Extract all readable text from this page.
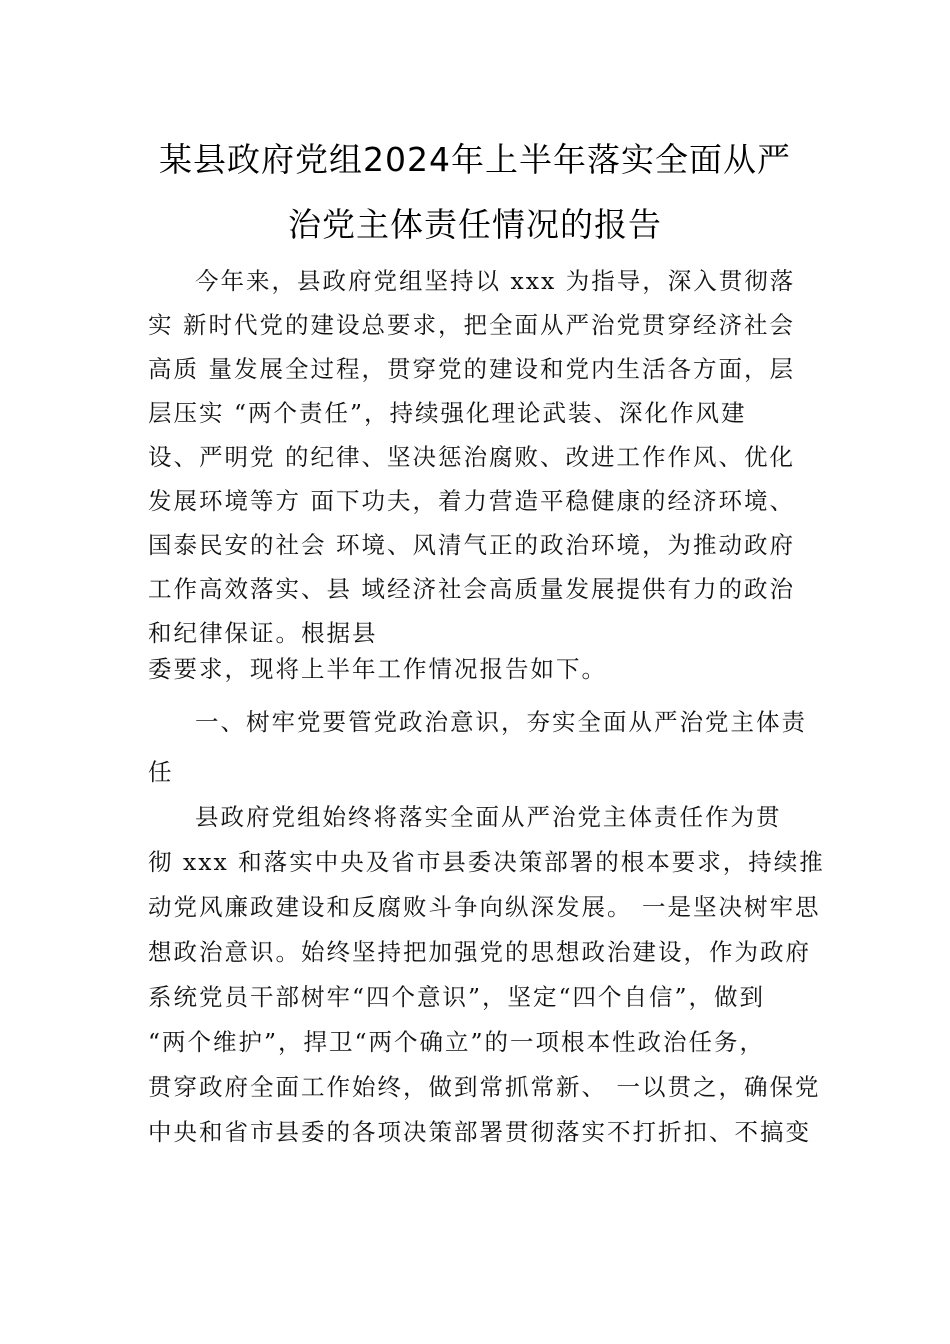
某县政府党组2024年上半年落实全面从严
治党主体责任情况的报告
今年来，县政府党组坚持以 xxx 为指导，深入贯彻落
实 新时代党的建设总要求，把全面从严治党贯穿经济社会
高质 量发展全过程，贯穿党的建设和党内生活各方面，层
层压实 “两个责任”，持续强化理论武装、深化作风建
设、严明党 的纪律、坚决惩治腐败、改进工作作风、优化
发展环境等方 面下功夫，着力营造平稳健康的经济环境、
国泰民安的社会 环境、风清气正的政治环境，为推动政府
工作高效落实、县 域经济社会高质量发展提供有力的政治
和纪律保证。根据县
委要求，现将上半年工作情况报告如下。
一、树牢党要管党政治意识，夯实全面从严治党主体责
任
县政府党组始终将落实全面从严治党主体责任作为贯
彻 xxx 和落实中央及省市县委决策部署的根本要求，持续推
动党风廉政建设和反腐败斗争向纵深发展。 一是坚决树牢思
想政治意识。始终坚持把加强党的思想政治建设，作为政府
系统党员干部树牢“四个意识”，坚定“四个自信”，做到
“两个维护”，捍卫“两个确立”的一项根本性政治任务，
贯穿政府全面工作始终，做到常抓常新、 一以贯之，确保党
中央和省市县委的各项决策部署贯彻落实不打折扣、不搞变
